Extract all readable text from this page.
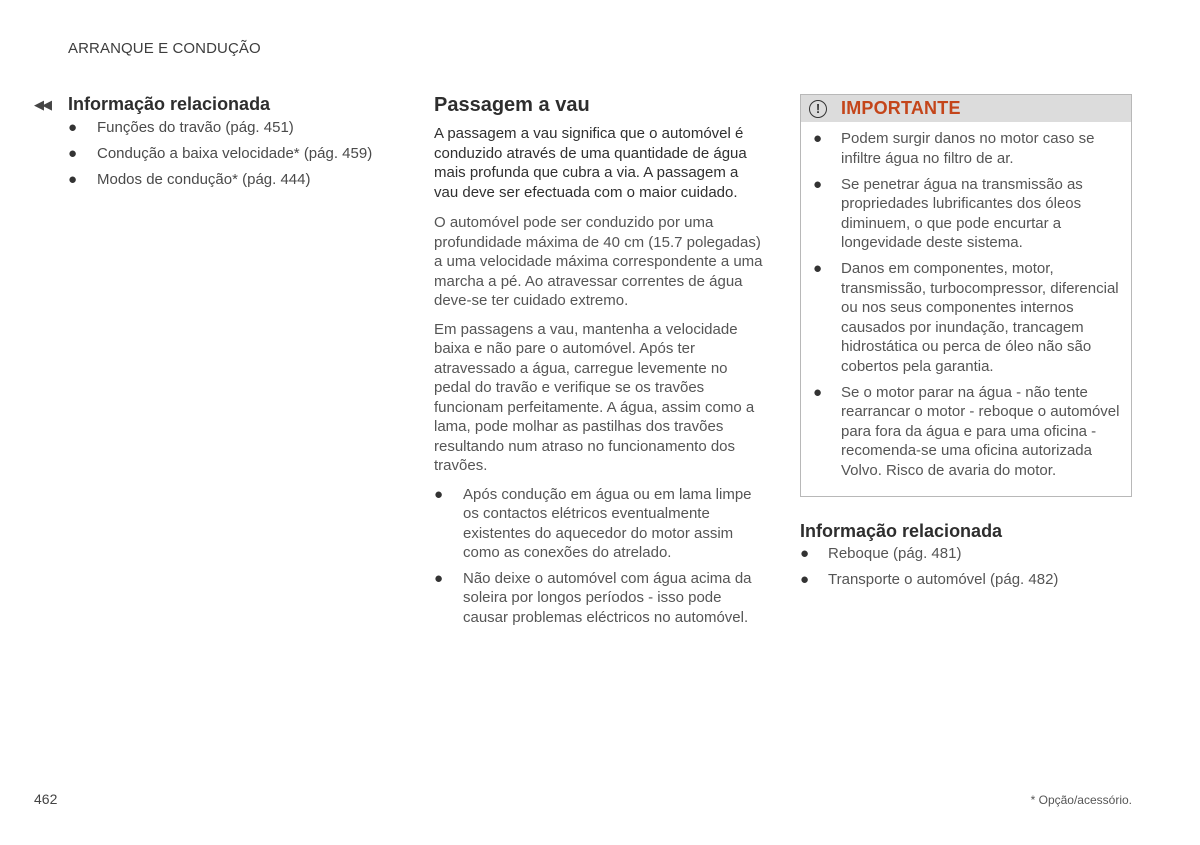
ARRANQUE E CONDUÇÃO
◀◀	Informação relacionada
● Funções do travão (pág. 451)
● Condução a baixa velocidade* (pág. 459)
● Modos de condução* (pág. 444)
Passagem a vau

A passagem a vau significa que o automóvel é conduzido através de uma quantidade de água mais profunda que cubra a via. A passagem a vau deve ser efectuada com o maior cuidado.

O automóvel pode ser conduzido por uma profundidade máxima de 40 cm (15.7 polegadas) a uma velocidade máxima correspondente a uma marcha a pé. Ao atravessar correntes de água deve-se ter cuidado extremo.

Em passagens a vau, mantenha a velocidade baixa e não pare o automóvel. Após ter atravessado a água, carregue levemente no pedal do travão e verifique se os travões funcionam perfeitamente. A água, assim como a lama, pode molhar as pastilhas dos travões resultando num atraso no funcionamento dos travões.

● Após condução em água ou em lama limpe os contactos elétricos eventualmente existentes do aquecedor do motor assim como as conexões do atrelado.
● Não deixe o automóvel com água acima da soleira por longos períodos - isso pode causar problemas eléctricos no automóvel.
!	IMPORTANTE
● Podem surgir danos no motor caso se infiltre água no filtro de ar.
● Se penetrar água na transmissão as propriedades lubrificantes dos óleos diminuem, o que pode encurtar a longevidade deste sistema.
● Danos em componentes, motor, transmissão, turbocompressor, diferencial ou nos seus componentes internos causados por inundação, trancagem hidrostática ou perca de óleo não são cobertos pela garantia.
● Se o motor parar na água - não tente rearrancar o motor - reboque o automóvel para fora da água e para uma oficina - recomenda-se uma oficina autorizada Volvo. Risco de avaria do motor.
Informação relacionada
● Reboque (pág. 481)
● Transporte o automóvel (pág. 482)
462	* Opção/acessório.
